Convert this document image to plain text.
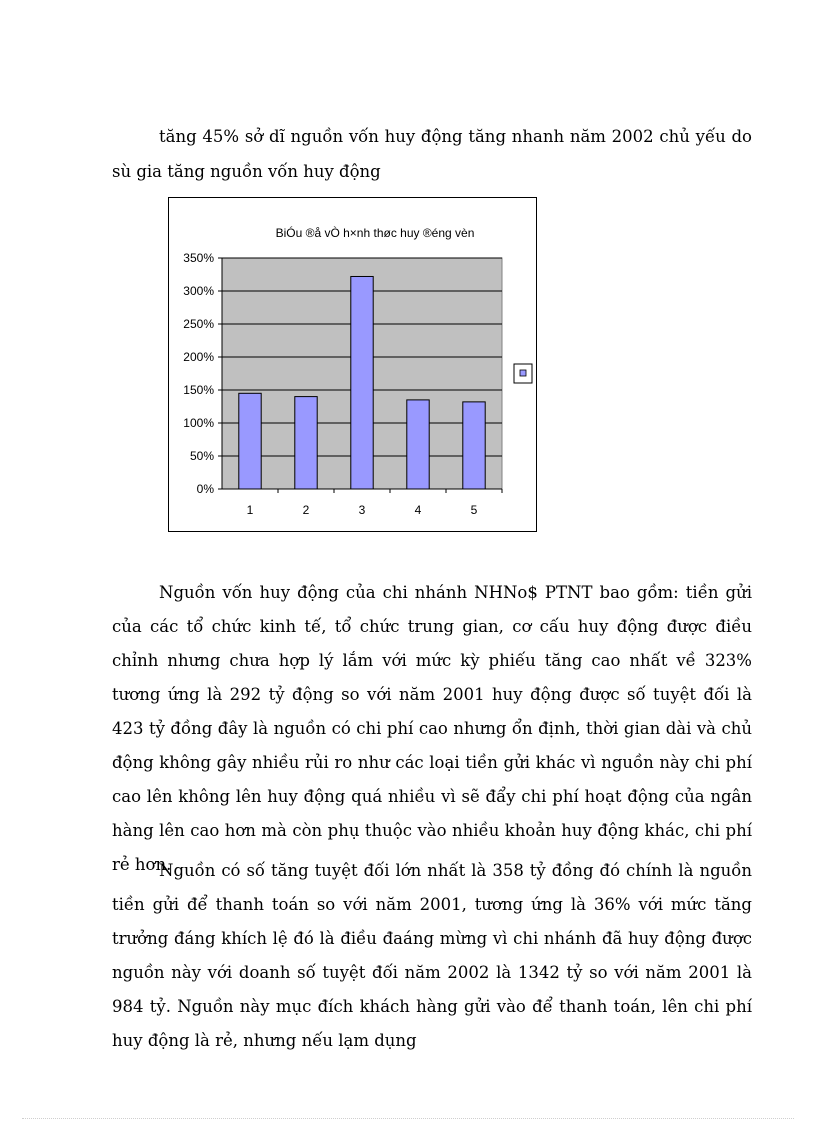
tăng 45% sở dĩ nguồn vốn huy động tăng nhanh năm 2002 chủ yếu do sù gia tăng nguồn vốn huy động

BiÓu ®å vÒ h×nh thøc huy ®éng vèn
0%
50%
100%
150%
200%
250%
300%
350%
1	2	3	4	5

Nguồn vốn huy động của chi nhánh NHNo$ PTNT bao gồm: tiền gửi của các tổ chức kinh tế, tổ chức trung gian, cơ cấu huy động được điều chỉnh nhưng chưa hợp lý lắm với mức kỳ phiếu tăng cao nhất về 323% tương ứng là 292 tỷ động so với năm 2001 huy động được số tuyệt đối là 423 tỷ đồng đây là nguồn có chi phí cao nhưng ổn định, thời gian dài và chủ động không gây nhiều rủi ro như các loại tiền gửi khác vì nguồn này chi phí cao lên không lên huy động quá nhiều vì sẽ đẩy chi phí hoạt động của ngân hàng lên cao hơn mà còn phụ thuộc vào nhiều khoản huy động khác, chi phí rẻ hơn.

Nguồn có số tăng tuyệt đối lớn nhất là 358 tỷ đồng đó chính là nguồn tiền gửi để thanh toán so với năm 2001, tương ứng là 36% với mức tăng trưởng đáng khích lệ đó là điều đaáng mừng vì chi nhánh đã huy động được nguồn này với doanh số tuyệt đối năm 2002 là 1342 tỷ so với năm 2001 là 984 tỷ. Nguồn này mục đích khách hàng gửi vào để thanh toán, lên chi phí huy động là rẻ, nhưng nếu lạm dụng
